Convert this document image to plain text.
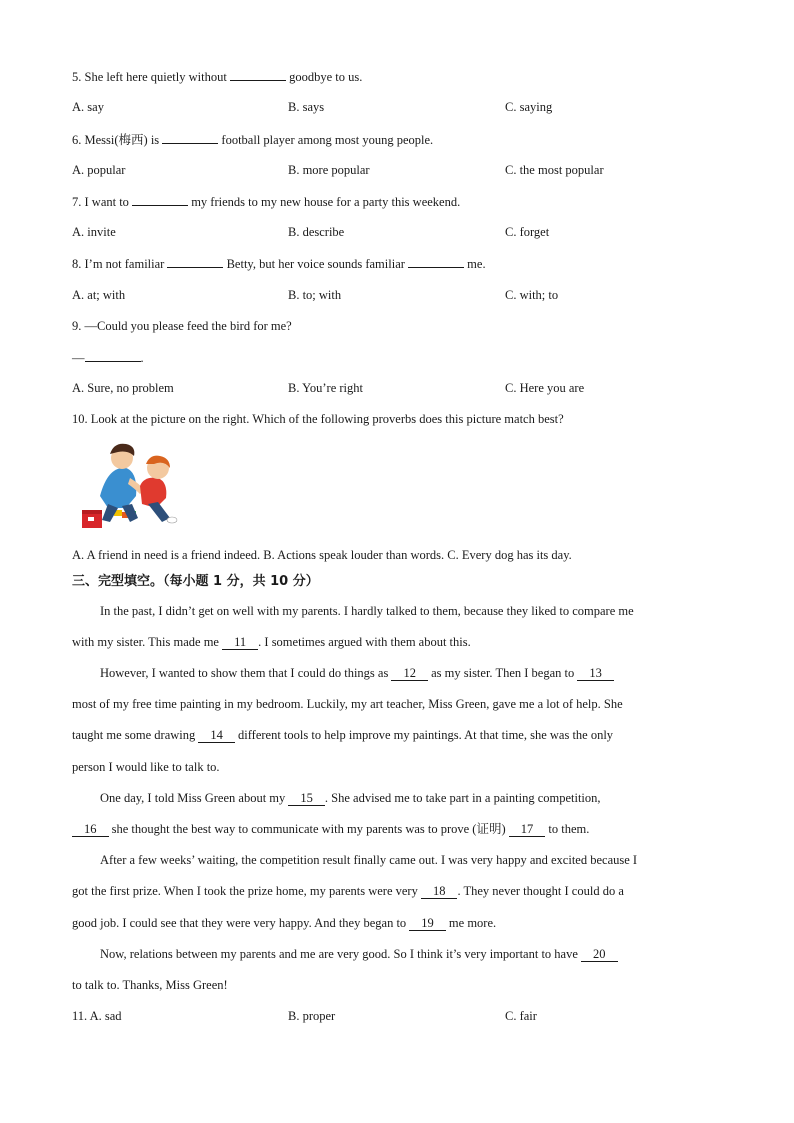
5. She left here quietly without	goodbye to us.
A. say	B. says	C. saying
6. Messi(梅西) is	football player among most young people.
A. popular	B. more popular	C. the most popular
7. I want to	my friends to my new house for a party this weekend.
A. invite	B. describe	C. forget
8. I’m not familiar	Betty, but her voice sounds familiar	me.
A. at; with	B. to; with	C. with; to
9. —Could you please feed the bird for me?
—	.
A. Sure, no problem	B. You’re right	C. Here you are
10. Look at the picture on the right. Which of the following proverbs does this picture match best?
A. A friend in need is a friend indeed. B. Actions speak louder than words. C. Every dog has its day.
三、完型填空。（每小题 1 分，共 10 分）
In the past, I didn’t get on well with my parents. I hardly talked to them, because they liked to compare me
with my sister. This made me 11 . I sometimes argued with them about this.
However, I wanted to show them that I could do things as 12 as my sister. Then I began to 13
most of my free time painting in my bedroom. Luckily, my art teacher, Miss Green, gave me a lot of help. She
taught me some drawing 14 different tools to help improve my paintings. At that time, she was the only
person I would like to talk to.
One day, I told Miss Green about my 15 . She advised me to take part in a painting competition,
16 she thought the best way to communicate with my parents was to prove (证明) 17 to them.
After a few weeks’ waiting, the competition result finally came out. I was very happy and excited because I
got the first prize. When I took the prize home, my parents were very 18 . They never thought I could do a
good job. I could see that they were very happy. And they began to 19 me more.
Now, relations between my parents and me are very good. So I think it’s very important to have 20
to talk to. Thanks, Miss Green!
11. A. sad	B. proper	C. fair
